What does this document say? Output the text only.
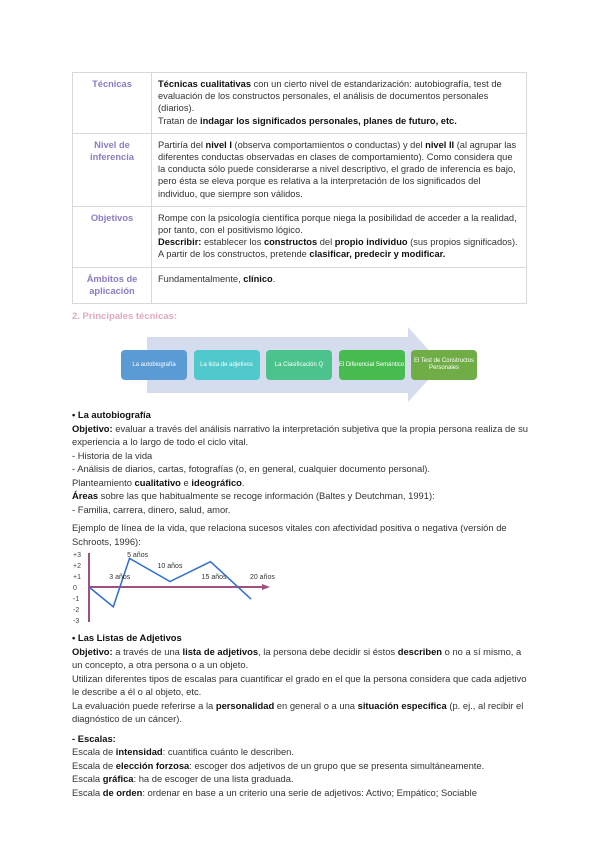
Técnicas	Técnicas cualitativas con un cierto nivel de estandarización: autobiografía, test de evaluación de los constructos personales, el análisis de documentos personales (diarios).

Tratan de indagar los significados personales, planes de futuro, etc.

Nivel de inferencia	Partiría del nivel I (observa comportamientos o conductas) y del nivel II (al agrupar las diferentes conductas observadas en clases de comportamiento). Como considera que la conducta sólo puede considerarse a nivel descriptivo, el grado de inferencia es bajo, pero ésta se eleva porque es relativa a la interpretación de los significados del individuo, que siempre son válidos.

Objetivos	Rompe con la psicología científica porque niega la posibilidad de acceder a la realidad, por tanto, con el positivismo lógico.

Describir: establecer los constructos del propio individuo (sus propios significados).

A partir de los constructos, pretende clasificar, predecir y modificar.

Ámbitos de aplicación	Fundamentalmente, clínico.

2. Principales técnicas:
La autobiografía	La lista de adjetivos	La Clasificación Q	El Diferencial Semántico
El Test de Constructos Personales

• La autobiografía

Objetivo: evaluar a través del análisis narrativo la interpretación subjetiva que la propia persona realiza de su experiencia a lo largo de todo el ciclo vital.

- Historia de la vida

- Análisis de diarios, cartas, fotografías (o, en general, cualquier documento personal).

Planteamiento cualitativo e ideográfico.

Áreas sobre las que habitualmente se recoge información (Baltes y Deutchman, 1991):

- Familia, carrera, dinero, salud, amor.

Ejemplo de línea de la vida, que relaciona sucesos vitales con afectividad positiva o negativa (versión de Schroots, 1996):

+3
+2
+1
0
-1
-2
-3
3 años
5 años
10 años
15 años	20 años

• Las Listas de Adjetivos

Objetivo: a través de una lista de adjetivos, la persona debe decidir si éstos describen o no a sí mismo, a un concepto, a otra persona o a un objeto.

Utilizan diferentes tipos de escalas para cuantificar el grado en el que la persona considera que cada adjetivo le describe a él o al objeto, etc.

La evaluación puede referirse a la personalidad en general o a una situación específica (p. ej., al recibir el diagnóstico de un cáncer).

- Escalas:

Escala de intensidad: cuantifica cuánto le describen.

Escala de elección forzosa: escoger dos adjetivos de un grupo que se presenta simultáneamente.

Escala gráfica: ha de escoger de una lista graduada.

Escala de orden: ordenar en base a un criterio una serie de adjetivos: Activo; Empático; Sociable
